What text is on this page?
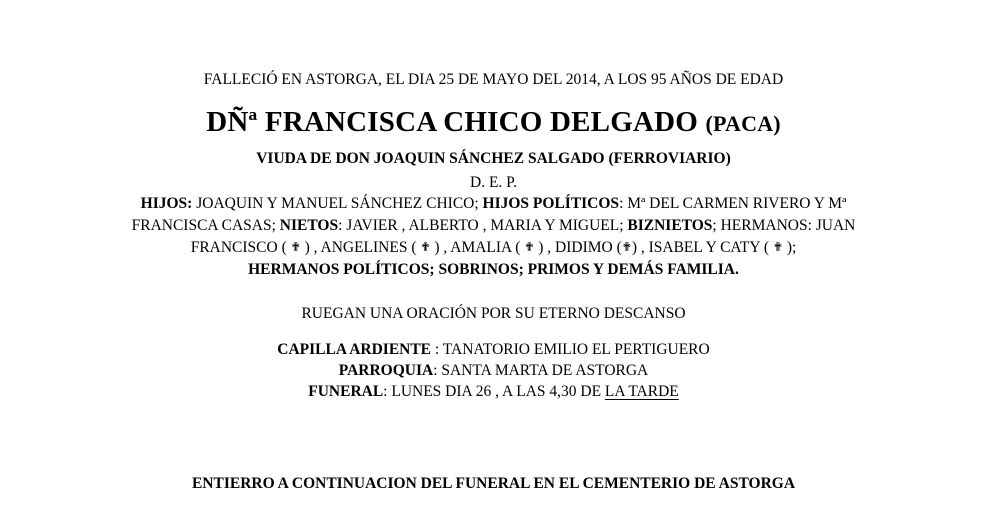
FALLECIÓ EN ASTORGA, EL DIA 25 DE MAYO DEL 2014, A LOS 95 AÑOS DE EDAD
DÑª FRANCISCA CHICO DELGADO (PACA)
VIUDA DE DON JOAQUIN SÁNCHEZ SALGADO (FERROVIARIO)
D. E. P.
HIJOS: JOAQUIN Y MANUEL SÁNCHEZ CHICO; HIJOS POLÍTICOS: Mª DEL CARMEN RIVERO Y Mª
FRANCISCA CASAS; NIETOS: JAVIER , ALBERTO , MARIA Y MIGUEL; BIZNIETOS; HERMANOS: JUAN
FRANCISCO ( ✟ ) , ANGELINES ( ✟ ) , AMALIA ( ✟ ) , DIDIMO (✟) , ISABEL Y CATY ( ✟ );
HERMANOS POLÍTICOS; SOBRINOS; PRIMOS Y DEMÁS FAMILIA.
RUEGAN UNA ORACIÓN POR SU ETERNO DESCANSO
CAPILLA ARDIENTE : TANATORIO EMILIO EL PERTIGUERO
PARROQUIA: SANTA MARTA DE ASTORGA
FUNERAL: LUNES DIA 26 , A LAS 4,30 DE LA TARDE
ENTIERRO A CONTINUACION DEL FUNERAL EN EL CEMENTERIO DE ASTORGA
